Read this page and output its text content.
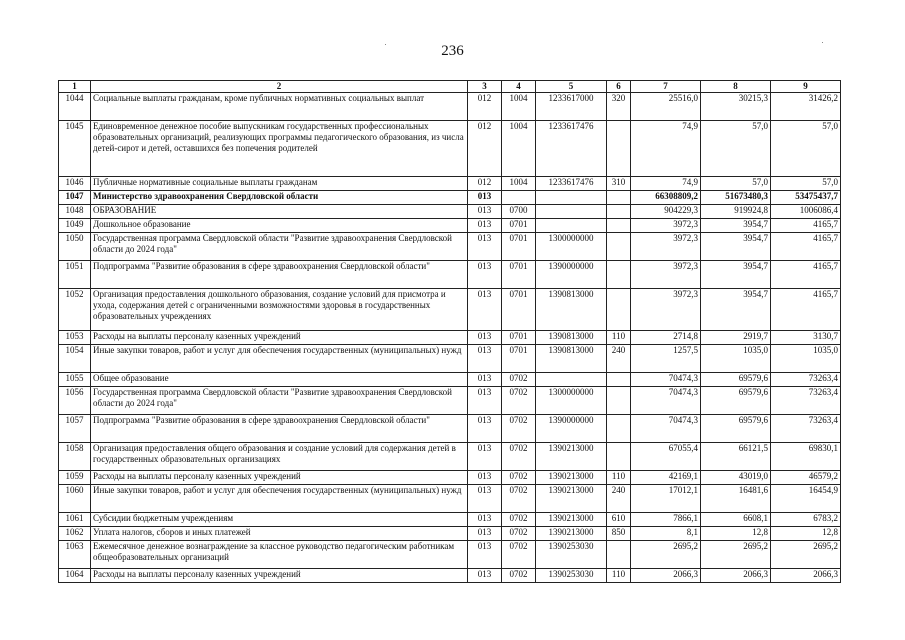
236
1	2	3	4	5	6	7	8	9
1044	Социальные выплаты гражданам, кроме публичных нормативных социальных выплат	012	1004	1233617000	320	25516,0	30215,3	31426,2
1045	Единовременное денежное пособие выпускникам государственных профессиональных образовательных организаций, реализующих программы педагогического образования, из числа детей-сирот и детей, оставшихся без попечения родителей	012	1004	1233617476		74,9	57,0	57,0
1046	Публичные нормативные социальные выплаты гражданам	012	1004	1233617476	310	74,9	57,0	57,0
1047	Министерство здравоохранения Свердловской области	013				66308809,2	51673480,3	53475437,7
1048	ОБРАЗОВАНИЕ	013	0700			904229,3	919924,8	1006086,4
1049	Дошкольное образование	013	0701			3972,3	3954,7	4165,7
1050	Государственная программа Свердловской области "Развитие здравоохранения Свердловской области до 2024 года"	013	0701	1300000000		3972,3	3954,7	4165,7
1051	Подпрограмма "Развитие образования в сфере здравоохранения Свердловской области"	013	0701	1390000000		3972,3	3954,7	4165,7
1052	Организация предоставления дошкольного образования, создание условий для присмотра и ухода, содержания детей с ограниченными возможностями здоровья в государственных образовательных учреждениях	013	0701	1390813000		3972,3	3954,7	4165,7
1053	Расходы на выплаты персоналу казенных учреждений	013	0701	1390813000	110	2714,8	2919,7	3130,7
1054	Иные закупки товаров, работ и услуг для обеспечения государственных (муниципальных) нужд	013	0701	1390813000	240	1257,5	1035,0	1035,0
1055	Общее образование	013	0702			70474,3	69579,6	73263,4
1056	Государственная программа Свердловской области "Развитие здравоохранения Свердловской области до 2024 года"	013	0702	1300000000		70474,3	69579,6	73263,4
1057	Подпрограмма "Развитие образования в сфере здравоохранения Свердловской области"	013	0702	1390000000		70474,3	69579,6	73263,4
1058	Организация предоставления общего образования и создание условий для содержания детей в государственных образовательных организациях	013	0702	1390213000		67055,4	66121,5	69830,1
1059	Расходы на выплаты персоналу казенных учреждений	013	0702	1390213000	110	42169,1	43019,0	46579,2
1060	Иные закупки товаров, работ и услуг для обеспечения государственных (муниципальных) нужд	013	0702	1390213000	240	17012,1	16481,6	16454,9
1061	Субсидии бюджетным учреждениям	013	0702	1390213000	610	7866,1	6608,1	6783,2
1062	Уплата налогов, сборов и иных платежей	013	0702	1390213000	850	8,1	12,8	12,8
1063	Ежемесячное денежное вознаграждение за классное руководство педагогическим работникам общеобразовательных организаций	013	0702	1390253030		2695,2	2695,2	2695,2
1064	Расходы на выплаты персоналу казенных учреждений	013	0702	1390253030	110	2066,3	2066,3	2066,3
